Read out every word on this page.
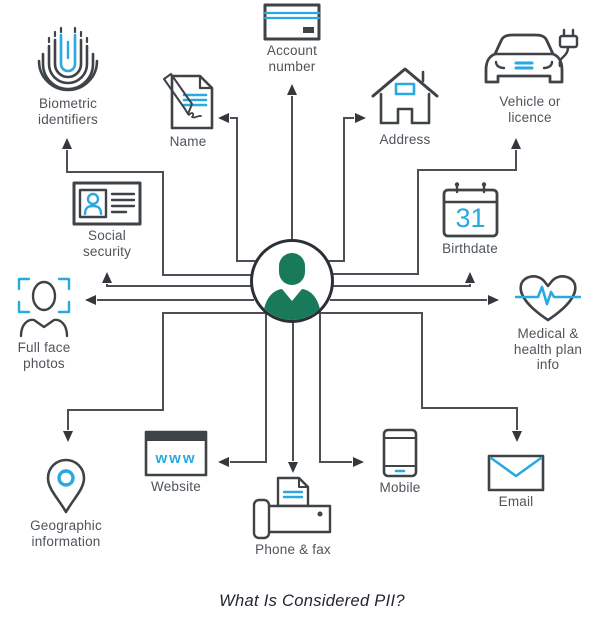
Biometric identifiers
Name
Account number
Address
Vehicle or licence
Social security
31
Birthdate
Full face photos
Medical & health plan info
Geographic information
www
Website
Phone & fax
Mobile
Email
What Is Considered PII?
